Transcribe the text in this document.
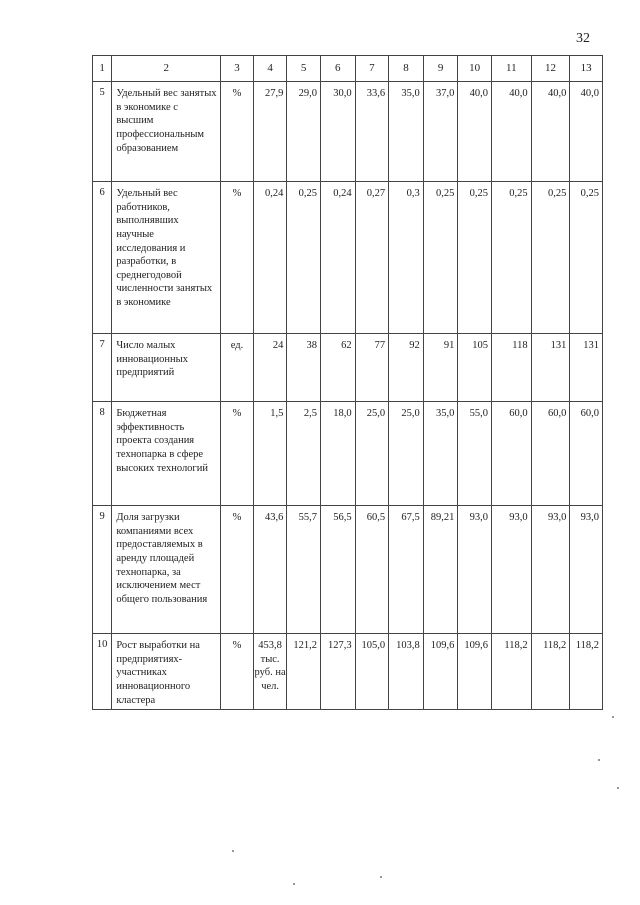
32
1	2	3	4	5	6	7	8	9	10	11	12	13
5	Удельный вес занятых в экономике с высшим профессиональным образованием	%	27,9	29,0	30,0	33,6	35,0	37,0	40,0	40,0	40,0	40,0
6	Удельный вес работников, выполнявших научные исследования и разработки, в среднегодовой численности занятых в экономике	%	0,24	0,25	0,24	0,27	0,3	0,25	0,25	0,25	0,25	0,25
7	Число малых инновационных предприятий	ед.	24	38	62	77	92	91	105	118	131	131
8	Бюджетная эффективность проекта создания технопарка в сфере высоких технологий	%	1,5	2,5	18,0	25,0	25,0	35,0	55,0	60,0	60,0	60,0
9	Доля загрузки компаниями всех предоставляемых в аренду площадей технопарка, за исключением мест общего пользования	%	43,6	55,7	56,5	60,5	67,5	89,21	93,0	93,0	93,0	93,0
10	Рост выработки на предприятиях-участниках инновационного кластера	%	453,8 тыс. руб. на чел.	121,2	127,3	105,0	103,8	109,6	109,6	118,2	118,2	118,2
